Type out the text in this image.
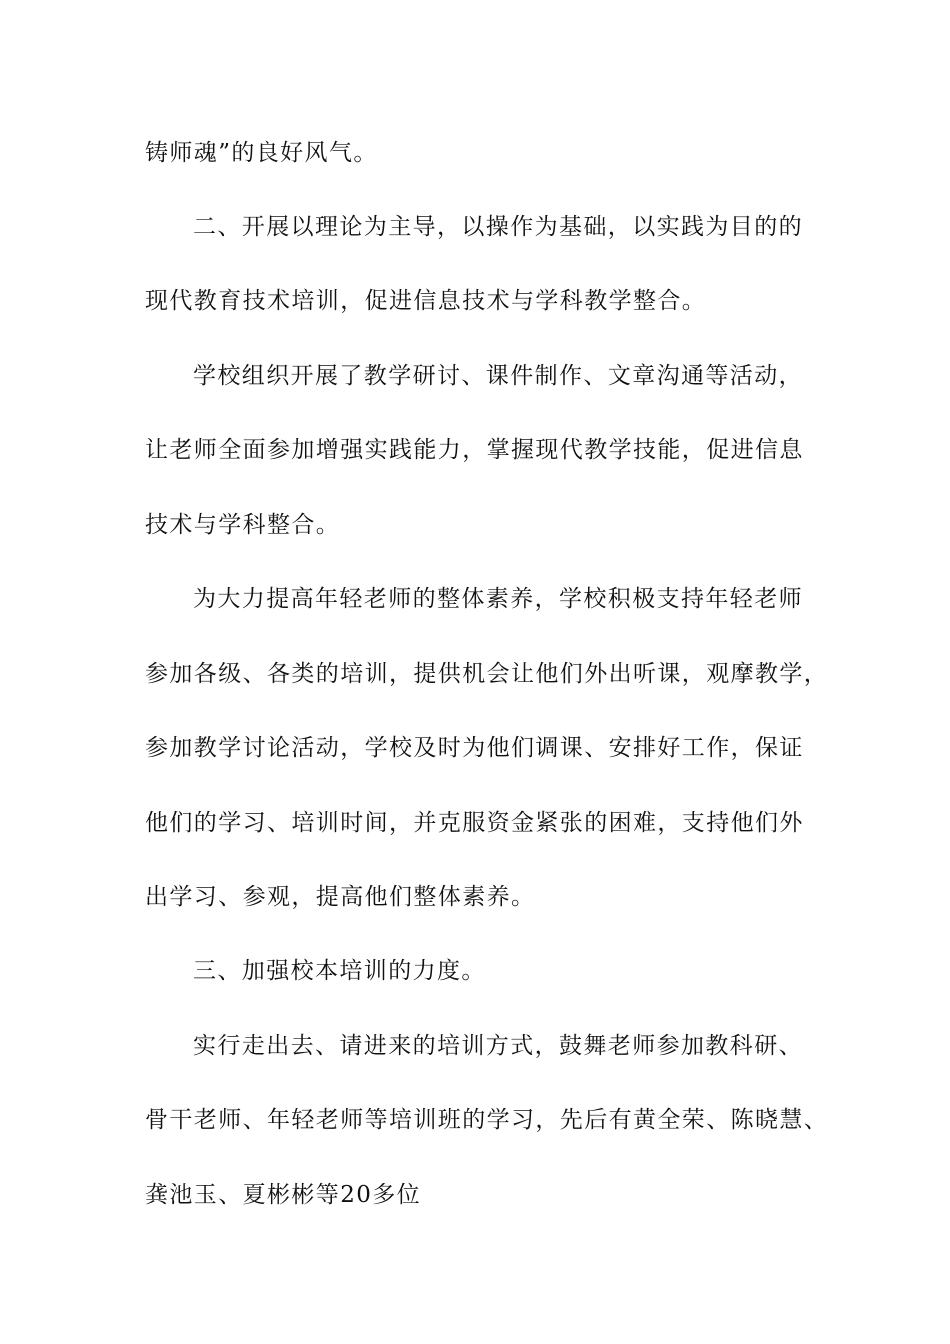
铸师魂”的良好风气。

二、开展以理论为主导，以操作为基础，以实践为目的的

现代教育技术培训，促进信息技术与学科教学整合。

学校组织开展了教学研讨、课件制作、文章沟通等活动，

让老师全面参加增强实践能力，掌握现代教学技能，促进信息

技术与学科整合。

为大力提高年轻老师的整体素养，学校积极支持年轻老师

参加各级、各类的培训，提供机会让他们外出听课，观摩教学，

参加教学讨论活动，学校及时为他们调课、安排好工作，保证

他们的学习、培训时间，并克服资金紧张的困难，支持他们外

出学习、参观，提高他们整体素养。

三、加强校本培训的力度。

实行走出去、请进来的培训方式，鼓舞老师参加教科研、

骨干老师、年轻老师等培训班的学习，先后有黄全荣、陈晓慧、

龚池玉、夏彬彬等20多位
